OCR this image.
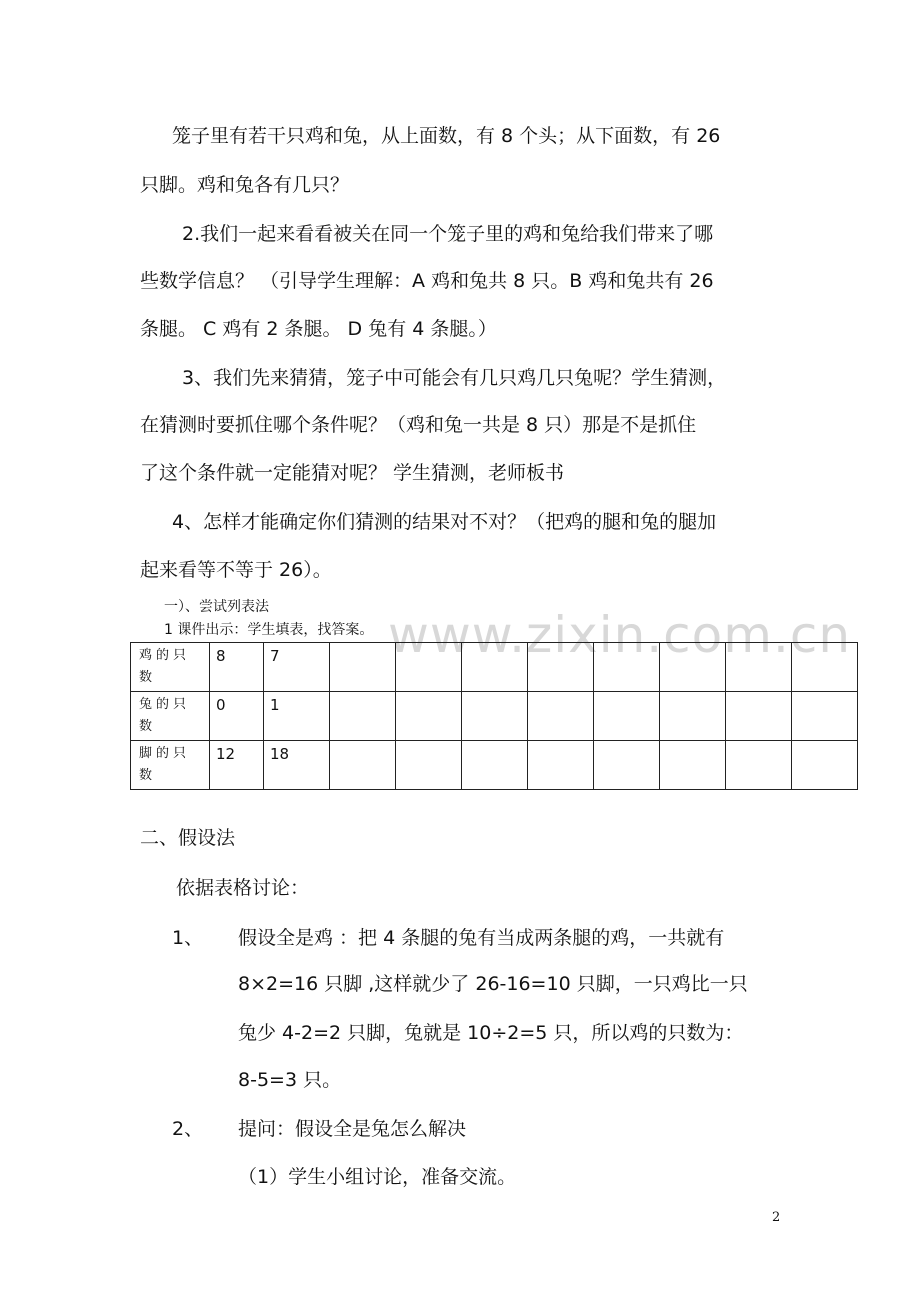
笼子里有若干只鸡和兔，从上面数，有 8 个头；从下面数，有 26
只脚。鸡和兔各有几只？
2.我们一起来看看被关在同一个笼子里的鸡和兔给我们带来了哪
些数学信息？ （引导学生理解：A 鸡和兔共 8 只。B 鸡和兔共有 26
条腿。 C 鸡有 2 条腿。 D 兔有 4 条腿。）
3、我们先来猜猜，笼子中可能会有几只鸡几只兔呢？学生猜测，
在猜测时要抓住哪个条件呢？（鸡和兔一共是 8 只）那是不是抓住
了这个条件就一定能猜对呢？ 学生猜测，老师板书
4、怎样才能确定你们猜测的结果对不对？（把鸡的腿和兔的腿加
起来看等不等于 26）。
一）、尝试列表法
1 课件出示：学生填表，找答案。 www.zixin.com.cn
鸡的只数	8	7								
兔的只数	0	1								
脚的只数	12	18								
二、假设法
依据表格讨论：
1、 假设全是鸡 ：把 4 条腿的兔有当成两条腿的鸡，一共就有
8×2=16 只脚 ,这样就少了 26-16=10 只脚，一只鸡比一只
兔少 4-2=2 只脚，兔就是 10÷2=5 只，所以鸡的只数为：
8-5=3 只。
2、 提问：假设全是兔怎么解决
（1）学生小组讨论，准备交流。
2
